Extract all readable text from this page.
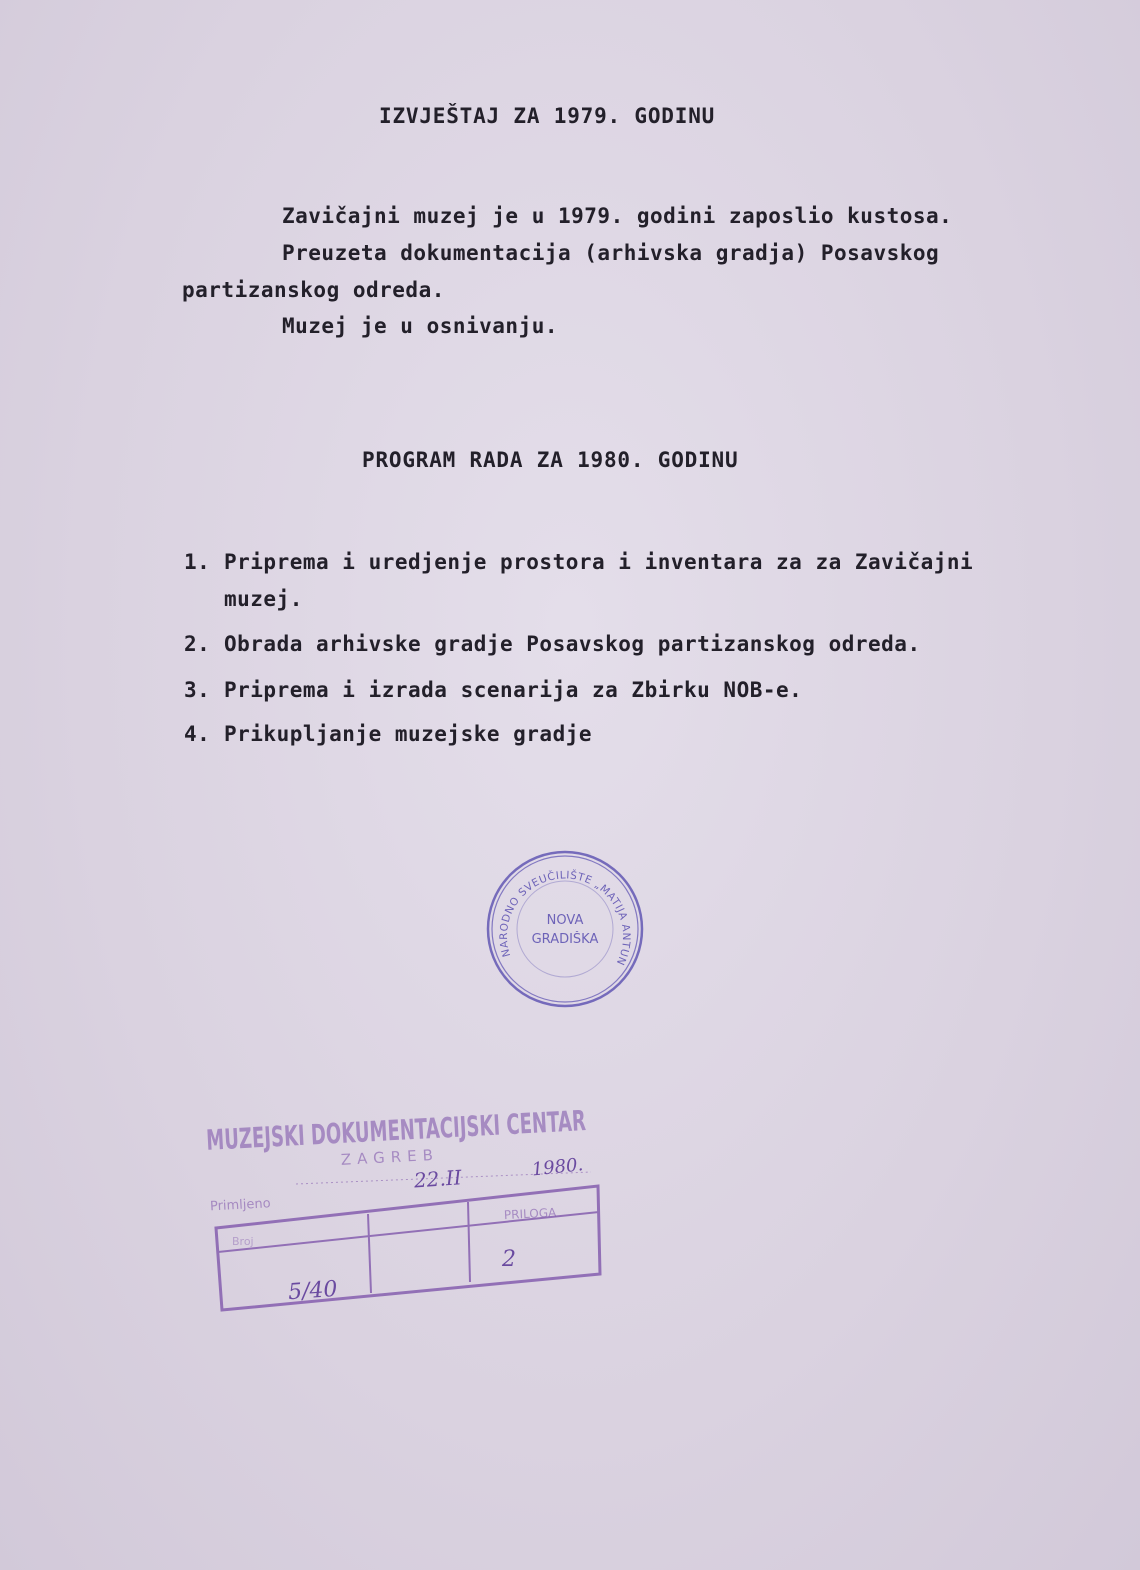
IZVJEŠTAJ ZA 1979. GODINU
Zavičajni muzej je u 1979. godini zaposlio kustosa.
Preuzeta dokumentacija (arhivska gradja) Posavskog
partizanskog odreda.
Muzej je u osnivanju.
PROGRAM RADA ZA 1980. GODINU
1. Priprema i uredjenje prostora i inventara za za Zavičajni
muzej.
2. Obrada arhivske gradje Posavskog partizanskog odreda.
3. Priprema i izrada scenarija za Zbirku NOB-e.
4. Prikupljanje muzejske gradje
NARODNO SVEUČILIŠTE „MATIJA ANTUN
NOVA
GRADIŠKA
MUZEJSKI DOKUMENTACIJSKI
ZAGREB
Primljeno
Broj
PRILOGA
22.II	1980.
5/40
2
